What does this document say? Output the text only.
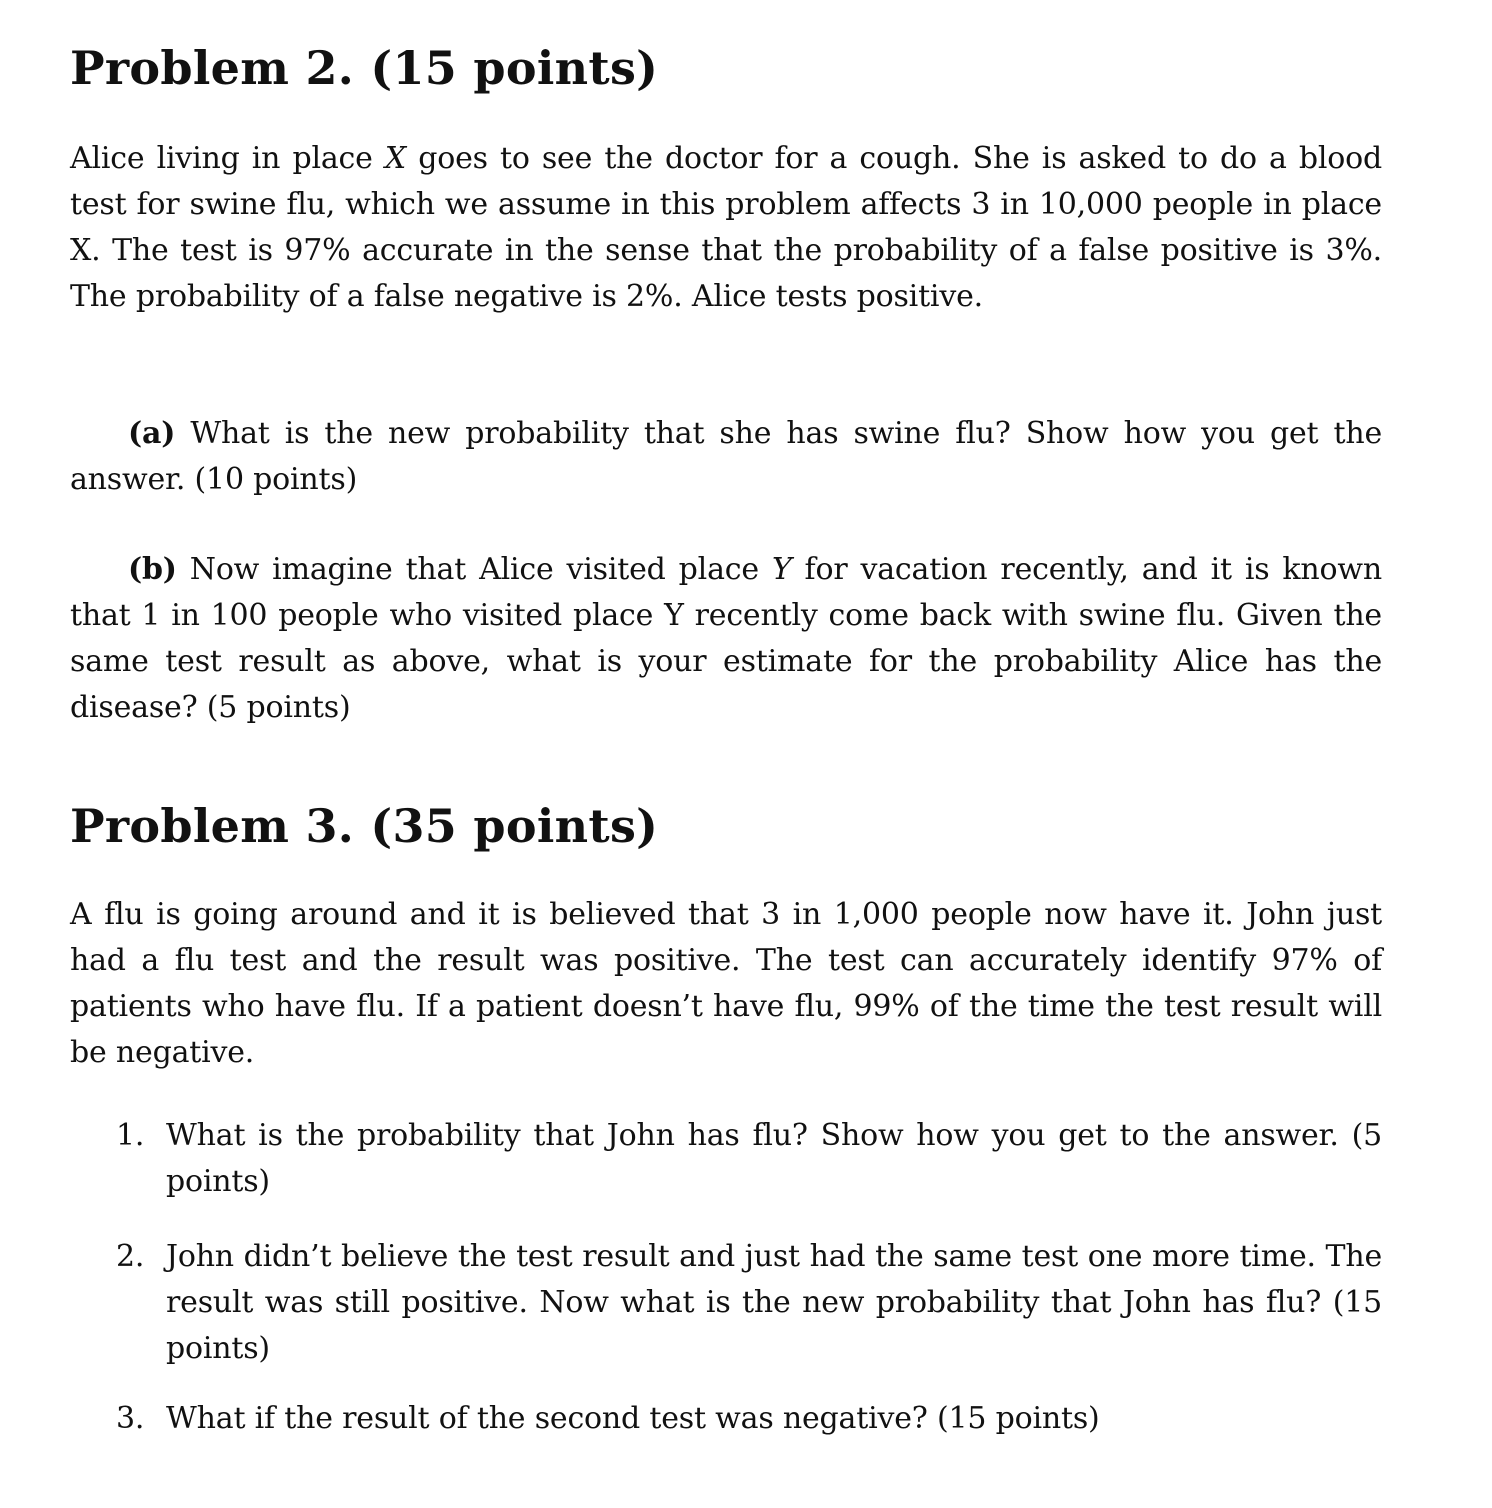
Problem 2. (15 points)

Alice living in place X goes to see the doctor for a cough. She is asked to do a blood test for swine flu, which we assume in this problem affects 3 in 10,000 people in place X. The test is 97% accurate in the sense that the probability of a false positive is 3%. The probability of a false negative is 2%. Alice tests positive.

(a) What is the new probability that she has swine flu? Show how you get the answer. (10 points)

(b) Now imagine that Alice visited place Y for vacation recently, and it is known that 1 in 100 people who visited place Y recently come back with swine flu. Given the same test result as above, what is your estimate for the probability Alice has the disease? (5 points)

Problem 3. (35 points)

A flu is going around and it is believed that 3 in 1,000 people now have it. John just had a flu test and the result was positive. The test can accurately identify 97% of patients who have flu. If a patient doesn’t have flu, 99% of the time the test result will be negative.

1. What is the probability that John has flu? Show how you get to the answer. (5 points)
2. John didn’t believe the test result and just had the same test one more time. The result was still positive. Now what is the new probability that John has flu? (15 points)
3. What if the result of the second test was negative? (15 points)
